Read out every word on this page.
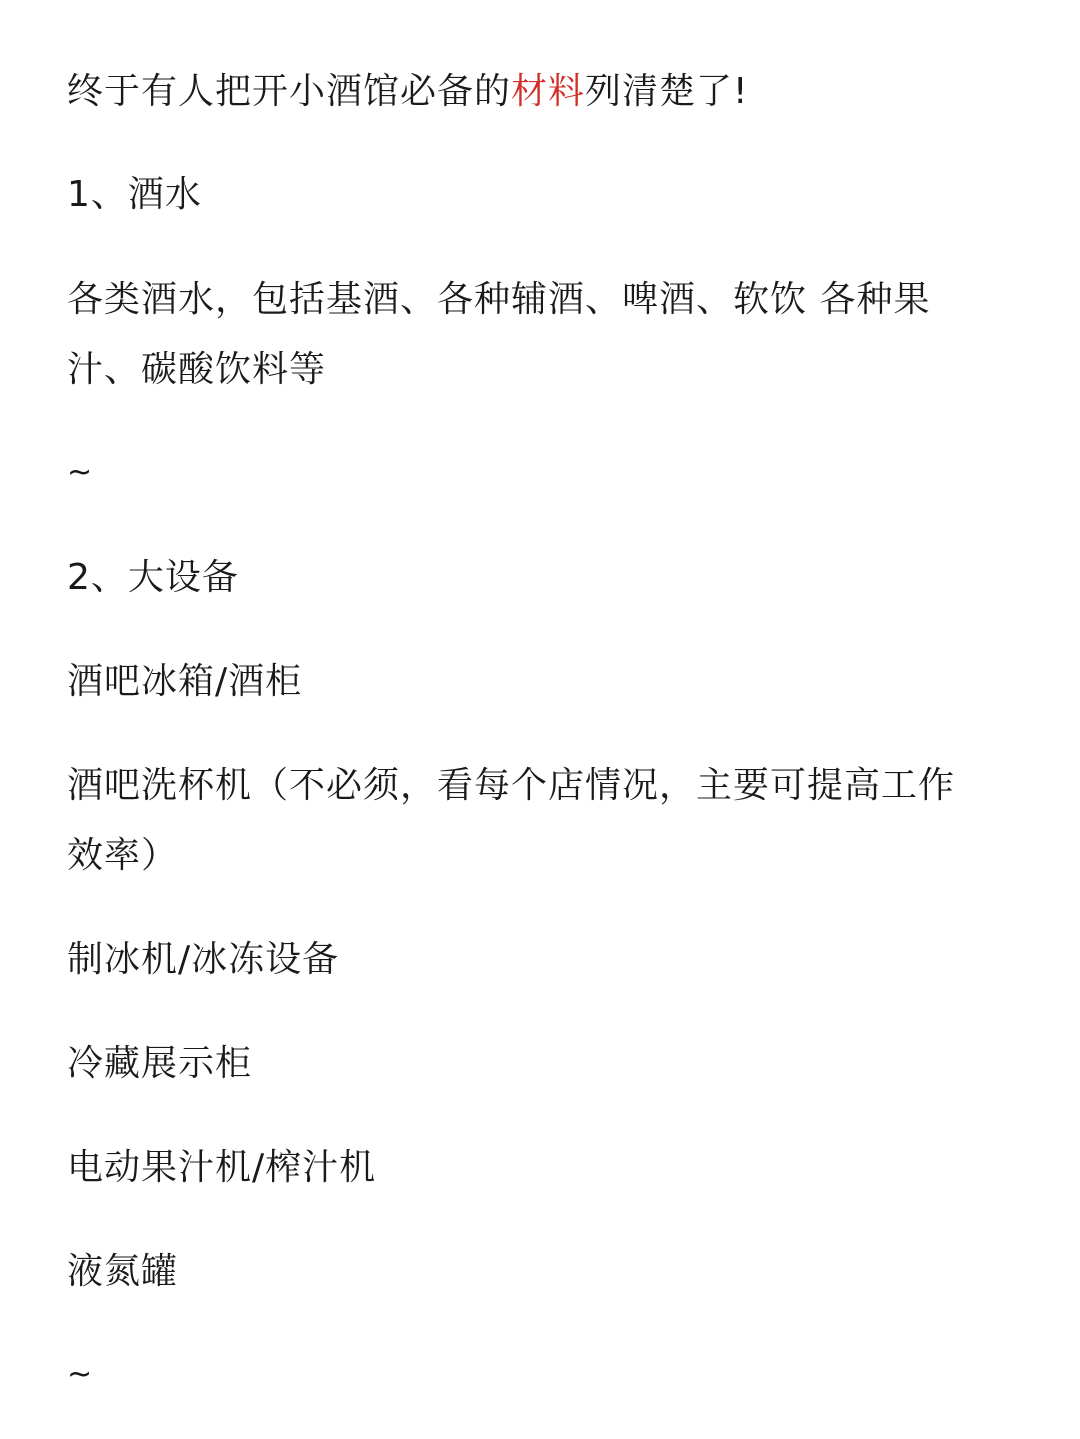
终于有人把开小酒馆必备的材料列清楚了!
1、酒水
各类酒水，包括基酒、各种辅酒、啤酒、软饮 各种果
汁、碳酸饮料等
~
2、大设备
酒吧冰箱/酒柜
酒吧洗杯机（不必须，看每个店情况，主要可提高工作
效率）
制冰机/冰冻设备
冷藏展示柜
电动果汁机/榨汁机
液氮罐
~
